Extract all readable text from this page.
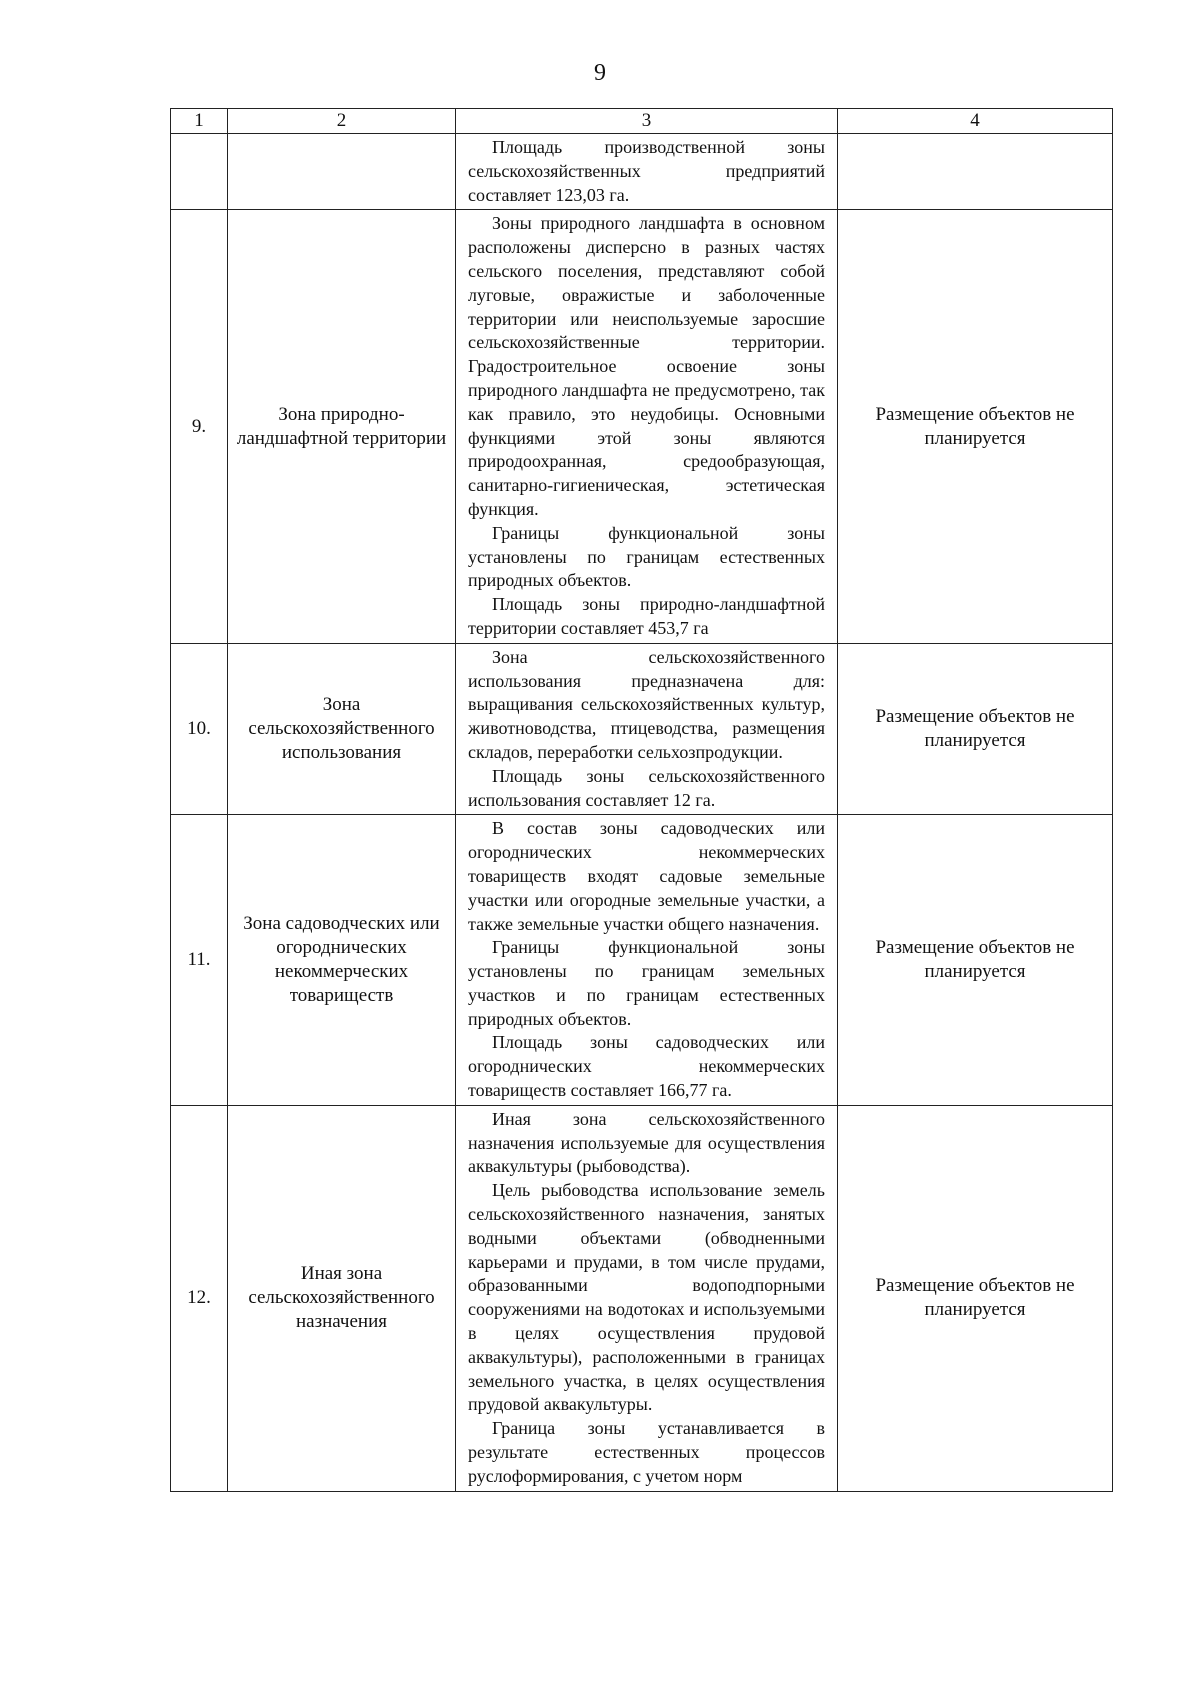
9
1	2	3	4

		Площадь производственной зоны сельскохозяйственных предприятий составляет 123,03 га.	

9.	Зона природно-ландшафтной территории	Зоны природного ландшафта в основном расположены дисперсно в разных частях сельского поселения, представляют собой луговые, овражистые и заболоченные территории или неиспользуемые заросшие сельскохозяйственные территории. Градостроительное освоение зоны природного ландшафта не предусмотрено, так как правило, это неудобицы. Основными функциями этой зоны являются природоохранная, средообразующая, санитарно-гигиеническая, эстетическая функция.

Границы функциональной зоны установлены по границам естественных природных объектов.

Площадь зоны природно-ландшафтной территории составляет 453,7 га	Размещение объектов не планируется
10.	Зона сельскохозяйственного использования	Зона сельскохозяйственного использования предназначена для: выращивания сельскохозяйственных культур, животноводства, птицеводства, размещения складов, переработки сельхозпродукции.

Площадь зоны сельскохозяйственного использования составляет 12 га.	Размещение объектов не планируется
11.	Зона садоводческих или огороднических некоммерческих товариществ	В состав зоны садоводческих или огороднических некоммерческих товариществ входят садовые земельные участки или огородные земельные участки, а также земельные участки общего назначения.

Границы функциональной зоны установлены по границам земельных участков и по границам естественных природных объектов.

Площадь зоны садоводческих или огороднических некоммерческих товариществ составляет 166,77 га.	Размещение объектов не планируется
12.	Иная зона сельскохозяйственного назначения	Иная зона сельскохозяйственного назначения используемые для осуществления аквакультуры (рыбоводства).

Цель рыбоводства использование земель сельскохозяйственного назначения, занятых водными объектами (обводненными карьерами и прудами, в том числе прудами, образованными водоподпорными сооружениями на водотоках и используемыми в целях осуществления прудовой аквакультуры), расположенными в границах земельного участка, в целях осуществления прудовой аквакультуры.

Граница зоны устанавливается в результате естественных процессов руслоформирования, с учетом норм	Размещение объектов не планируется
